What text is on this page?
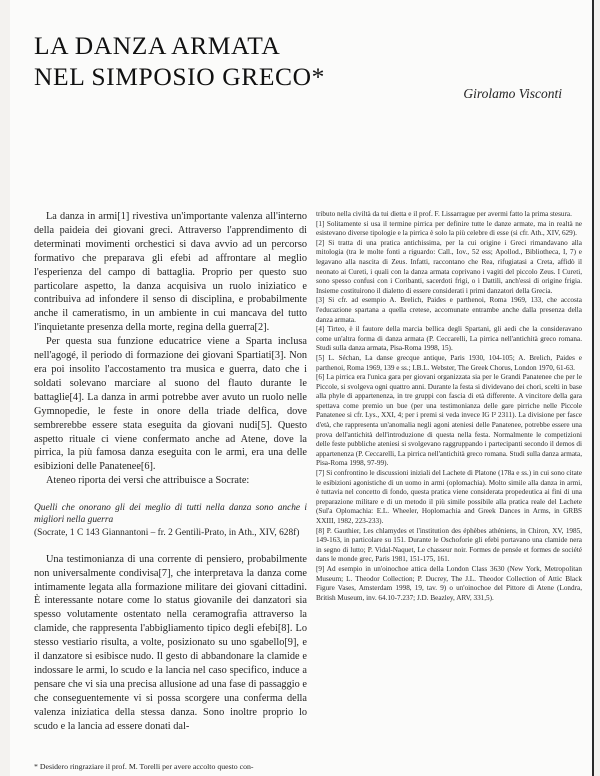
LA DANZA ARMATA
NEL SIMPOSIO GRECO*
Girolamo Visconti

La danza in armi[1] rivestiva un'importante valenza all'interno della paideia dei giovani greci. Attraverso l'apprendimento di determinati movimenti orchestici si dava avvio ad un percorso formativo che preparava gli efebi ad affrontare al meglio l'esperienza del campo di battaglia. Proprio per questo suo particolare aspetto, la danza acquisiva un ruolo iniziatico e contribuiva ad infondere il senso di disciplina, e probabilmente anche il cameratismo, in un ambiente in cui mancava del tutto l'inquietante presenza della morte, regina della guerra[2].

Per questa sua funzione educatrice viene a Sparta inclusa nell'agogé, il periodo di formazione dei giovani Spartiati[3]. Non era poi insolito l'accostamento tra musica e guerra, dato che i soldati solevano marciare al suono del flauto durante le battaglie[4]. La danza in armi potrebbe aver avuto un ruolo nelle Gymnopedie, le feste in onore della triade delfica, dove sembrerebbe essere stata eseguita da giovani nudi[5]. Questo aspetto rituale ci viene confermato anche ad Atene, dove la pirrica, la più famosa danza eseguita con le armi, era una delle esibizioni delle Panatenee[6].

Ateneo riporta dei versi che attribuisce a Socrate:

Quelli che onorano gli dei meglio di tutti nella danza sono anche i migliori nella guerra

(Socrate, 1 C 143 Giannantoni – fr. 2 Gentili-Prato, in Ath., XIV, 628f)

Una testimonianza di una corrente di pensiero, probabilmente non universalmente condivisa[7], che interpretava la danza come intimamente legata alla formazione militare dei giovani cittadini. È interessante notare come lo status giovanile dei danzatori sia spesso volutamente ostentato nella ceramografia attraverso la clamide, che rappresenta l'abbigliamento tipico degli efebi[8]. Lo stesso vestiario risulta, a volte, posizionato su uno sgabello[9], e il danzatore si esibisce nudo. Il gesto di abbandonare la clamide e indossare le armi, lo scudo e la lancia nel caso specifico, induce a pensare che vi sia una precisa allusione ad una fase di passaggio e che conseguentemente vi si possa scorgere una conferma della valenza iniziatica della stessa danza. Sono inoltre proprio lo scudo e la lancia ad essere donati dal-

tributo nella civiltà da tui dietta e il prof. F. Lissarrague per avermi fatto la prima stesura.

[1] Solitamente si usa il termine pirrica per definire tutte le danze armate, ma in realtà ne esistevano diverse tipologie e la pirrica è solo la più celebre di esse (si cfr. Ath., XIV, 629).

[2] Si tratta di una pratica antichissima, per la cui origine i Greci rimandavano alla mitologia (tra le molte fonti a riguardo: Call., Iov., 52 ess; Apollod., Bibliotheca, I, 7) e legavano alla nascita di Zeus. Infatti, raccontano che Rea, rifugiatasi a Creta, affidò il neonato ai Cureti, i quali con la danza armata coprivano i vagiti del piccolo Zeus. I Cureti, sono spesso confusi con i Coribanti, sacerdoti frigi, o i Dattili, anch'essi di origine frigia. Insieme costituirono il dialetto di essere considerati i primi danzatori della Grecia.

[3] Si cfr. ad esempio A. Brelich, Paides e parthenoi, Roma 1969, 133, che accosta l'educazione spartana a quella cretese, accomunate entrambe anche dalla presenza della danza armata.

[4] Tirteo, è il fautore della marcia bellica degli Spartani, gli aedi che la consideravano come un'altra forma di danza armata (P. Ceccarelli, La pirrica nell'antichità greco romana. Studi sulla danza armata, Pisa-Roma 1998, 15).

[5] L. Séchan, La danse grecque antique, Paris 1930, 104-105; A. Brelich, Paides e parthenoi, Roma 1969, 139 e ss.; I.B.L. Webster, The Greek Chorus, London 1970, 61-63.

[6] La pirrica era l'unica gara per giovani organizzata sia per le Grandi Panatenee che per le Piccole, si svolgeva ogni quattro anni. Durante la festa si dividevano dei chori, scelti in base alla phyle di appartenenza, in tre gruppi con fascia di età differente. A vincitore della gara spettava come premio un bue (per una testimonianza delle gare pirriche nelle Piccole Panatenee si cfr. Lys., XXI, 4; per i premi si veda invece IG I² 2311). La divisione per fasce d'età, che rappresenta un'anomalia negli agoni ateniesi delle Panatenee, potrebbe essere una prova dell'antichità dell'introduzione di questa nella festa. Normalmente le competizioni delle feste pubbliche ateniesi si svolgevano raggruppando i partecipanti secondo il demos di appartenenza (P. Ceccarelli, La pirrica nell'antichità greco romana. Studi sulla danza armata, Pisa-Roma 1998, 97-99).

[7] Si confrontino le discussioni iniziali del Lachete di Platone (178a e ss.) in cui sono citate le esibizioni agonistiche di un uomo in armi (oplomachia). Molto simile alla danza in armi, è tuttavia nel concetto di fondo, questa pratica viene considerata propedeutica ai fini di una preparazione militare e di un metodo il più simile possibile alla pratica reale del Lachete (Sul'a Oplomachia: E.L. Wheeler, Hoplomachia and Greek Dances in Arms, in GRBS XXIII, 1982, 223-233).

[8] P. Gauthier, Les chlamydes et l'institution des éphèbes athéniens, in Chiron, XV, 1985, 149-163, in particolare su 151. Durante le Oschoforie gli efebi portavano una clamide nera in segno di lutto; P. Vidal-Naquet, Le chasseur noir. Formes de pensée et formes de société dans le monde grec, Paris 1981, 151-175, 161.

[9] Ad esempio in un'oinochoe attica della London Class 3630 (New York, Metropolitan Museum; L. Theodor Collection; P. Ducrey, The J.L. Theodor Collection of Attic Black Figure Vases, Amsterdam 1998, 19, tav. 9) o un'oinochoe del Pittore di Atene (Londra, British Museum, inv. 64.10-7.237; J.D. Beazley, ARV, 331,5).

* Desidero ringraziare il prof. M. Torelli per avere accolto questo con-
